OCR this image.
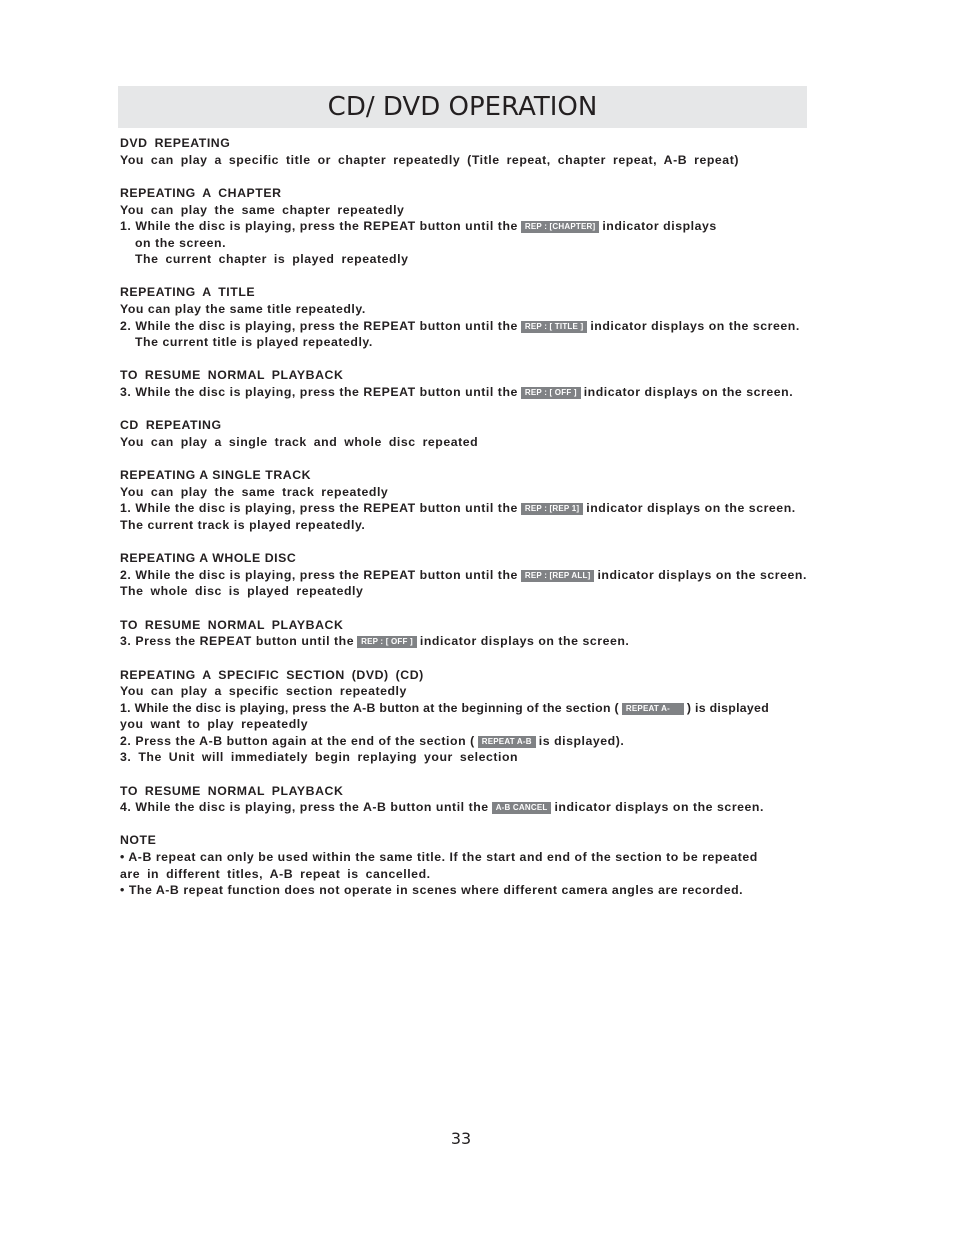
CD/ DVD OPERATION
DVD REPEATING
You can play a specific title or chapter repeatedly (Title repeat, chapter repeat, A-B repeat)
REPEATING A CHAPTER
You can play the same chapter repeatedly
1. While the disc is playing, press the REPEAT button until the REP : [CHAPTER] indicator displays
on the screen.
The current chapter is played repeatedly
REPEATING A TITLE
You can play the same title repeatedly.
2. While the disc is playing, press the REPEAT button until the REP : [ TITLE ] indicator displays on the screen.
The current title is played repeatedly.
TO RESUME NORMAL PLAYBACK
3. While the disc is playing, press the REPEAT button until the REP : [ OFF ] indicator displays on the screen.
CD REPEATING
You can play a single track and whole disc repeated
REPEATING A SINGLE TRACK
You can play the same track repeatedly
1. While the disc is playing, press the REPEAT button until the REP : [REP 1] indicator displays on the screen.
The current track is played repeatedly.
REPEATING A WHOLE DISC
2. While the disc is playing, press the REPEAT button until the REP : [REP ALL] indicator displays on the screen.
The whole disc is played repeatedly
TO RESUME NORMAL PLAYBACK
3. Press the REPEAT button until the REP : [ OFF ] indicator displays on the screen.
REPEATING A SPECIFIC SECTION (DVD) (CD)
You can play a specific section repeatedly
1. While the disc is playing, press the A-B button at the beginning of the section ( REPEAT A- ) is displayed
you want to play repeatedly
2. Press the A-B button again at the end of the section ( REPEAT A-B is displayed).
3. The Unit will immediately begin replaying your selection
TO RESUME NORMAL PLAYBACK
4. While the disc is playing, press the A-B button until the A-B CANCEL indicator displays on the screen.
NOTE
• A-B repeat can only be used within the same title. If the start and end of the section to be repeated
are in different titles, A-B repeat is cancelled.
• The A-B repeat function does not operate in scenes where different camera angles are recorded.
33
